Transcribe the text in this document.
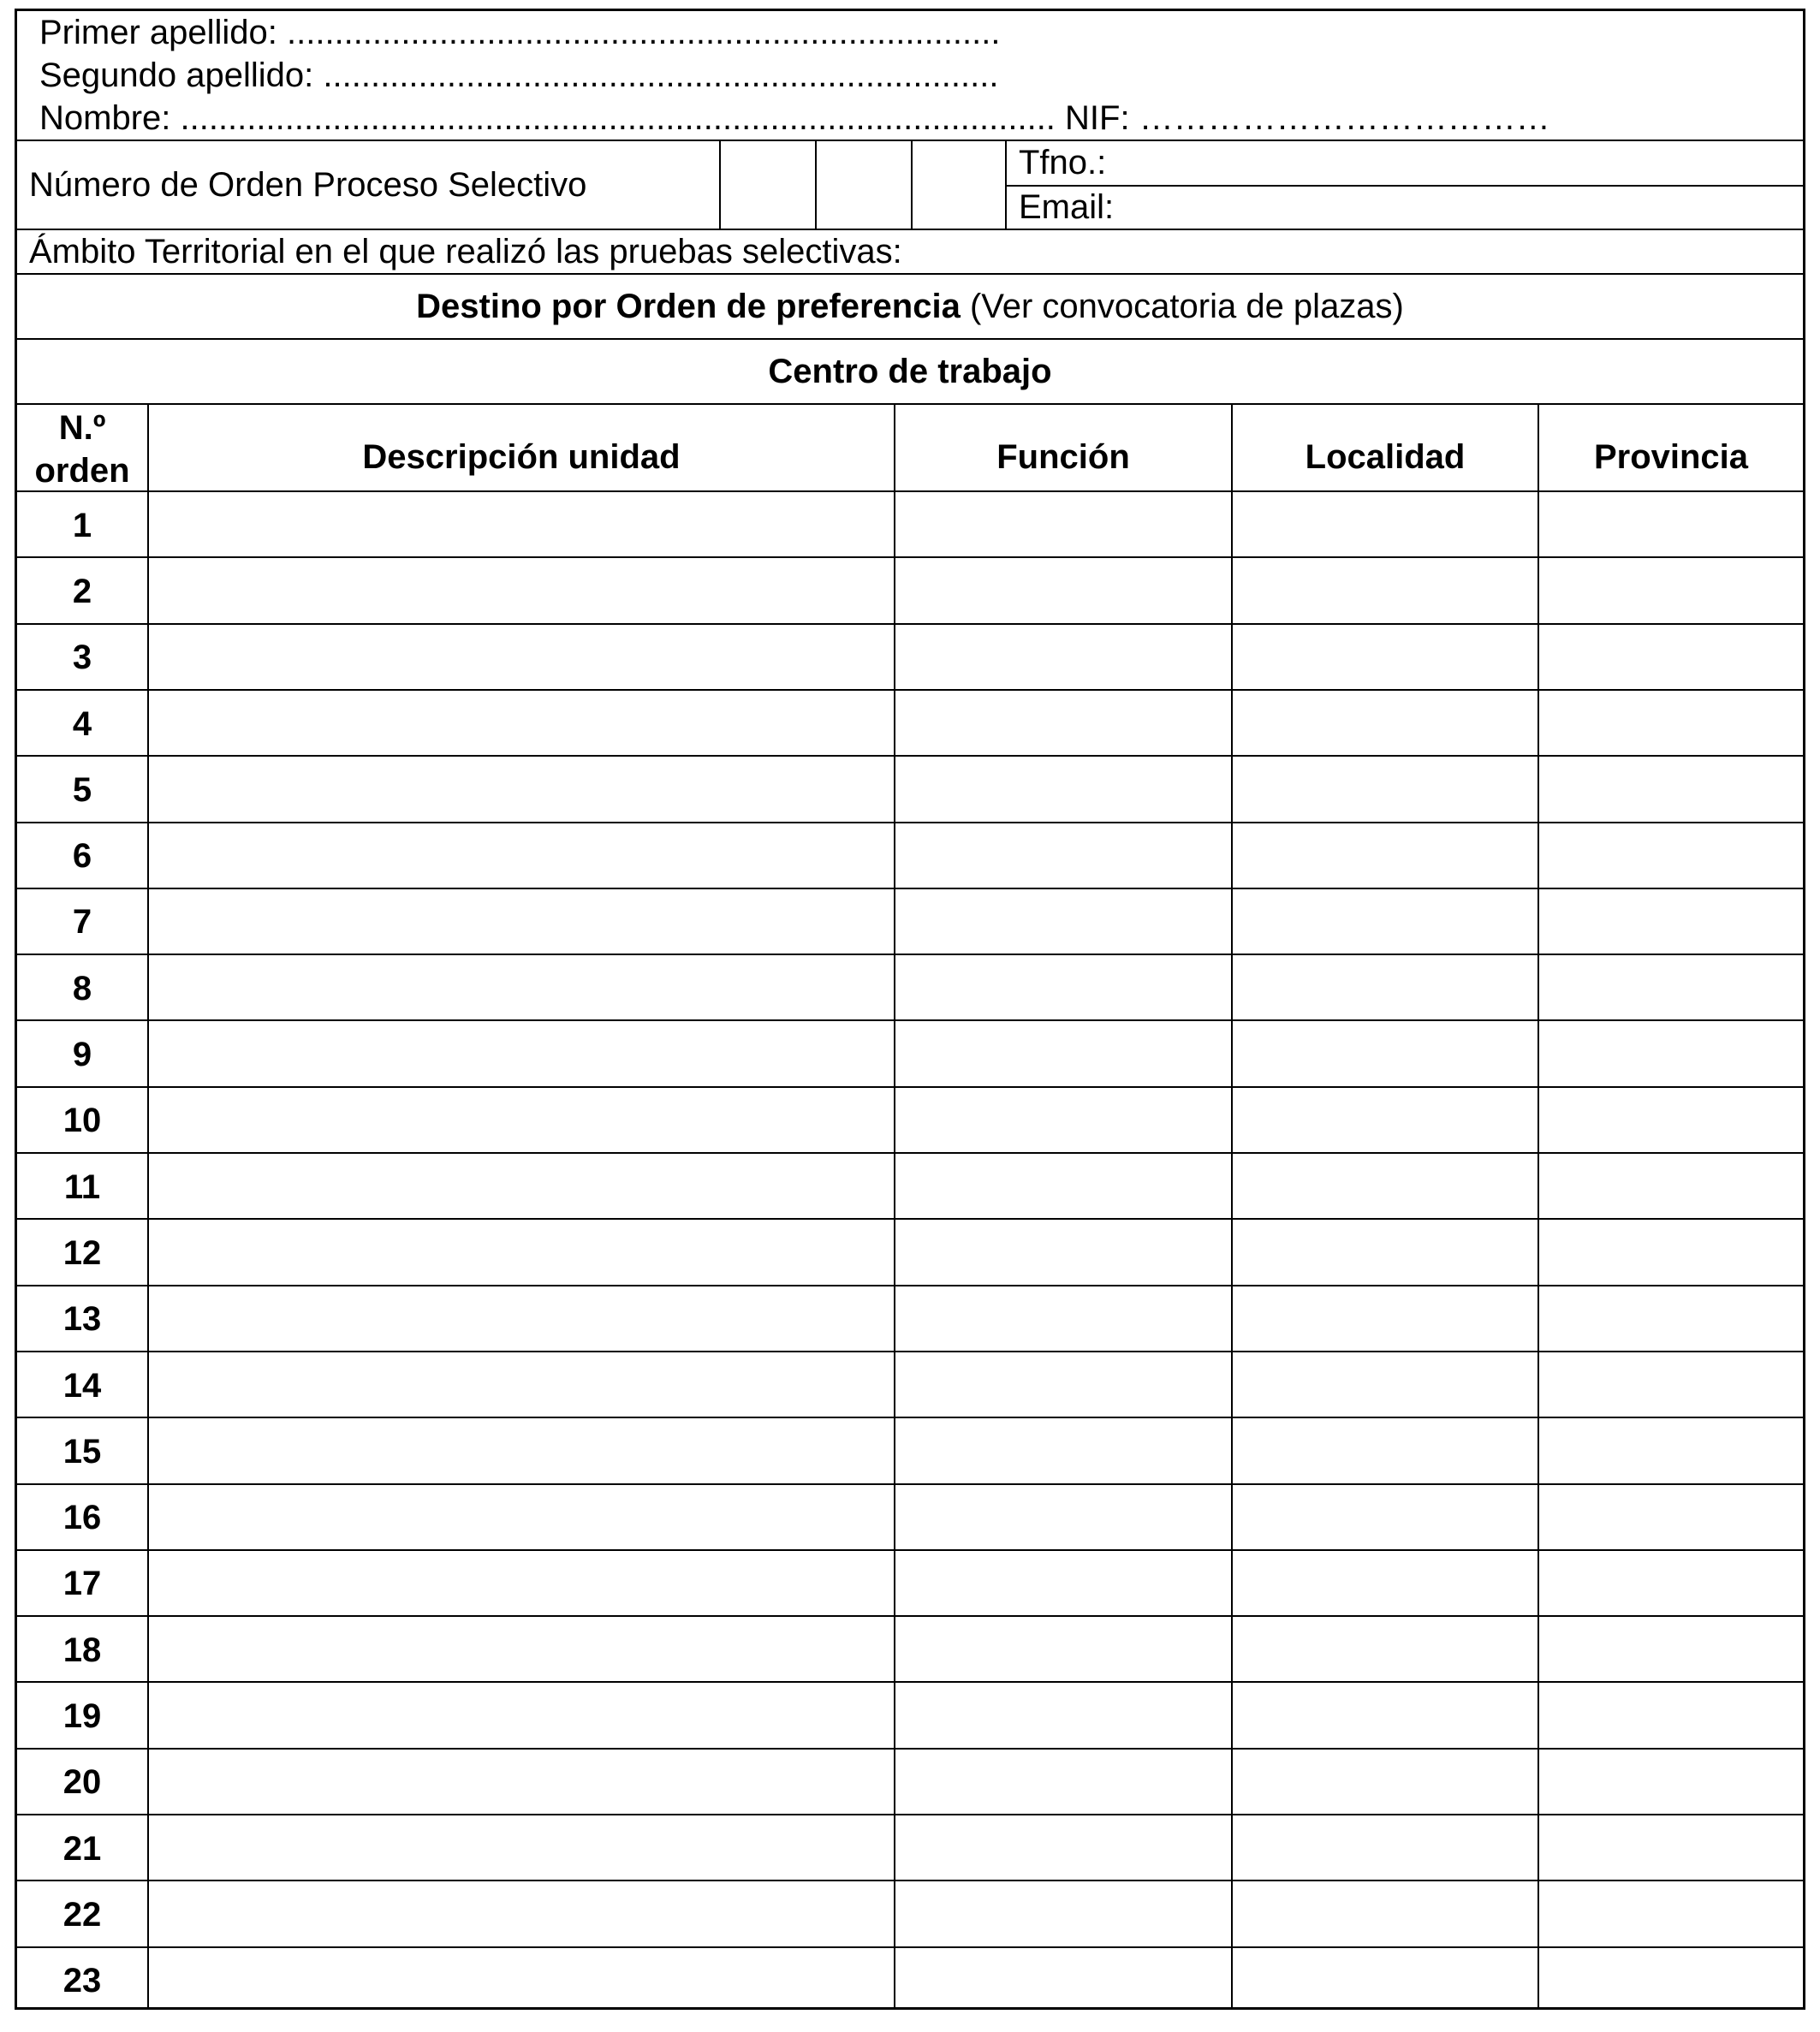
Primer apellido: ...........................................................................
Segundo apellido: .......................................................................
Nombre: ............................................................................................ NIF: ………………………………
Número de Orden Proceso Selectivo
Tfno.:
Email:
Ámbito Territorial en el que realizó las pruebas selectivas:
Destino por Orden de preferencia (Ver convocatoria de plazas)
Centro de trabajo
N.º
orden	Descripción unidad	Función	Localidad	Provincia
1
2
3
4
5
6
7
8
9
10
11
12
13
14
15
16
17
18
19
20
21
22
23
